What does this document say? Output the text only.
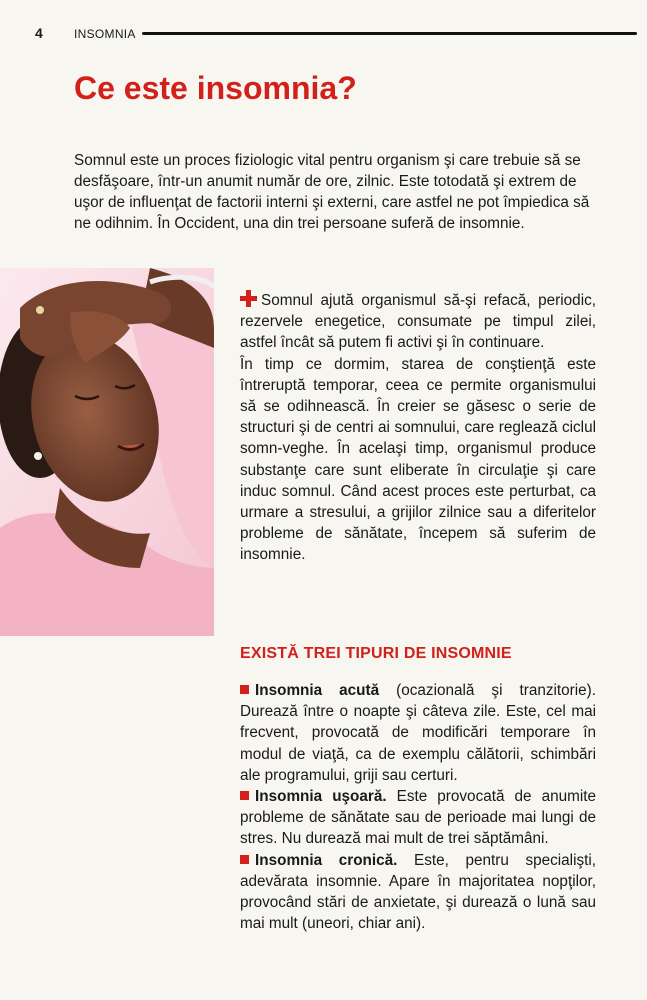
4	INSOMNIA

Ce este insomnia?

Somnul este un proces fiziologic vital pentru organism şi care trebuie să se desfăşoare, într-un anumit număr de ore, zilnic. Este totodată şi extrem de uşor de influenţat de factorii interni şi externi, care astfel ne pot împiedica să ne odihnim. În Occident, una din trei persoane suferă de insomnie.

Somnul ajută organismul să-şi refacă, periodic, rezervele enegetice, consumate pe timpul zilei, astfel încât să putem fi activi şi în continuare.

În timp ce dormim, starea de conştienţă este întreruptă temporar, ceea ce permite organismului să se odihnească. În creier se găsesc o serie de structuri şi de centri ai somnului, care reglează ciclul somn-veghe. În acelaşi timp, organismul produce substanţe care sunt eliberate în circulaţie şi care induc somnul. Când acest proces este perturbat, ca urmare a stresului, a grijilor zilnice sau a diferitelor probleme de sănătate, începem să suferim de insomnie.

EXISTĂ TREI TIPURI DE INSOMNIE

Insomnia acută (ocazională şi tranzitorie). Durează între o noapte şi câteva zile. Este, cel mai frecvent, provocată de modificări temporare în modul de viaţă, ca de exemplu călătorii, schimbări ale programului, griji sau certuri.

Insomnia uşoară. Este provocată de anumite probleme de sănătate sau de perioade mai lungi de stres. Nu durează mai mult de trei săptămâni.

Insomnia cronică. Este, pentru specialişti, adevărata insomnie. Apare în majoritatea nopţilor, provocând stări de anxietate, şi durează o lună sau mai mult (uneori, chiar ani).
